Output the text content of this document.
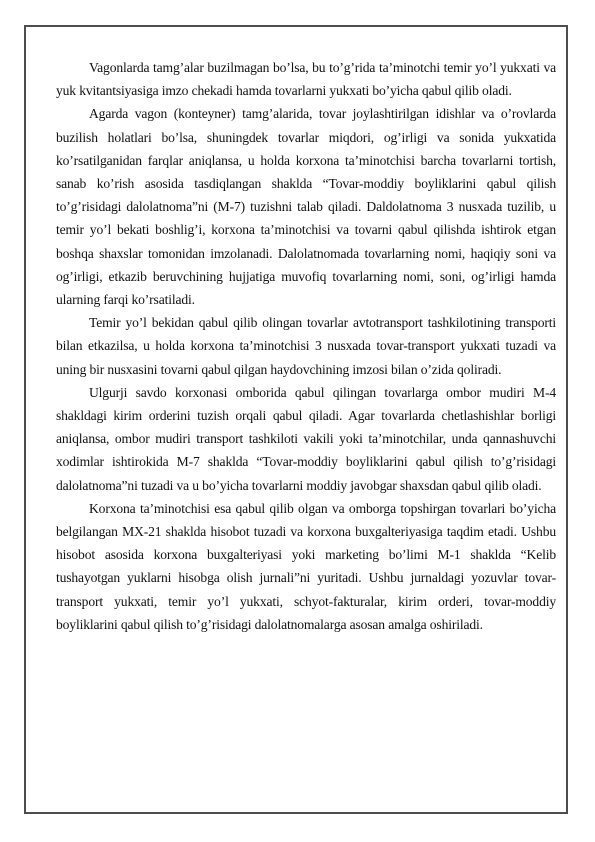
Vagonlarda tamg’alar buzilmagan bo’lsa, bu to’g’rida ta’minotchi temir yo’l yukxati va yuk kvitantsiyasiga imzo chekadi hamda tovarlarni yukxati bo’yicha qabul qilib oladi.

Agarda vagon (konteyner) tamg’alarida, tovar joylashtirilgan idishlar va o’rovlarda buzilish holatlari bo’lsa, shuningdek tovarlar miqdori, og’irligi va sonida yukxatida ko’rsatilganidan farqlar aniqlansa, u holda korxona ta’minotchisi barcha tovarlarni tortish, sanab ko’rish asosida tasdiqlangan shaklda “Tovar-moddiy boyliklarini qabul qilish to’g’risidagi dalolatnoma”ni (M-7) tuzishni talab qiladi. Daldolatnoma 3 nusxada tuzilib, u temir yo’l bekati boshlig’i, korxona ta’minotchisi va tovarni qabul qilishda ishtirok etgan boshqa shaxslar tomonidan imzolanadi. Dalolatnomada tovarlarning nomi, haqiqiy soni va og’irligi, etkazib beruvchining hujjatiga muvofiq tovarlarning nomi, soni, og’irligi hamda ularning farqi ko’rsatiladi.

Temir yo’l bekidan qabul qilib olingan tovarlar avtotransport tashkilotining transporti bilan etkazilsa, u holda korxona ta’minotchisi 3 nusxada tovar-transport yukxati tuzadi va uning bir nusxasini tovarni qabul qilgan haydovchining imzosi bilan o’zida qoliradi.

Ulgurji savdo korxonasi omborida qabul qilingan tovarlarga ombor mudiri M-4 shakldagi kirim orderini tuzish orqali qabul qiladi. Agar tovarlarda chetlashishlar borligi aniqlansa, ombor mudiri transport tashkiloti vakili yoki ta’minotchilar, unda qannashuvchi xodimlar ishtirokida M-7 shaklda “Tovar-moddiy boyliklarini qabul qilish to’g’risidagi dalolatnoma”ni tuzadi va u bo’yicha tovarlarni moddiy javobgar shaxsdan qabul qilib oladi.

Korxona ta’minotchisi esa qabul qilib olgan va omborga topshirgan tovarlari bo’yicha belgilangan MX-21 shaklda hisobot tuzadi va korxona buxgalteriyasiga taqdim etadi. Ushbu hisobot asosida korxona buxgalteriyasi yoki marketing bo’limi M-1 shaklda “Kelib tushayotgan yuklarni hisobga olish jurnali”ni yuritadi. Ushbu jurnaldagi yozuvlar tovar-transport yukxati, temir yo’l yukxati, schyot-fakturalar, kirim orderi, tovar-moddiy boyliklarini qabul qilish to’g’risidagi dalolatnomalarga asosan amalga oshiriladi.
